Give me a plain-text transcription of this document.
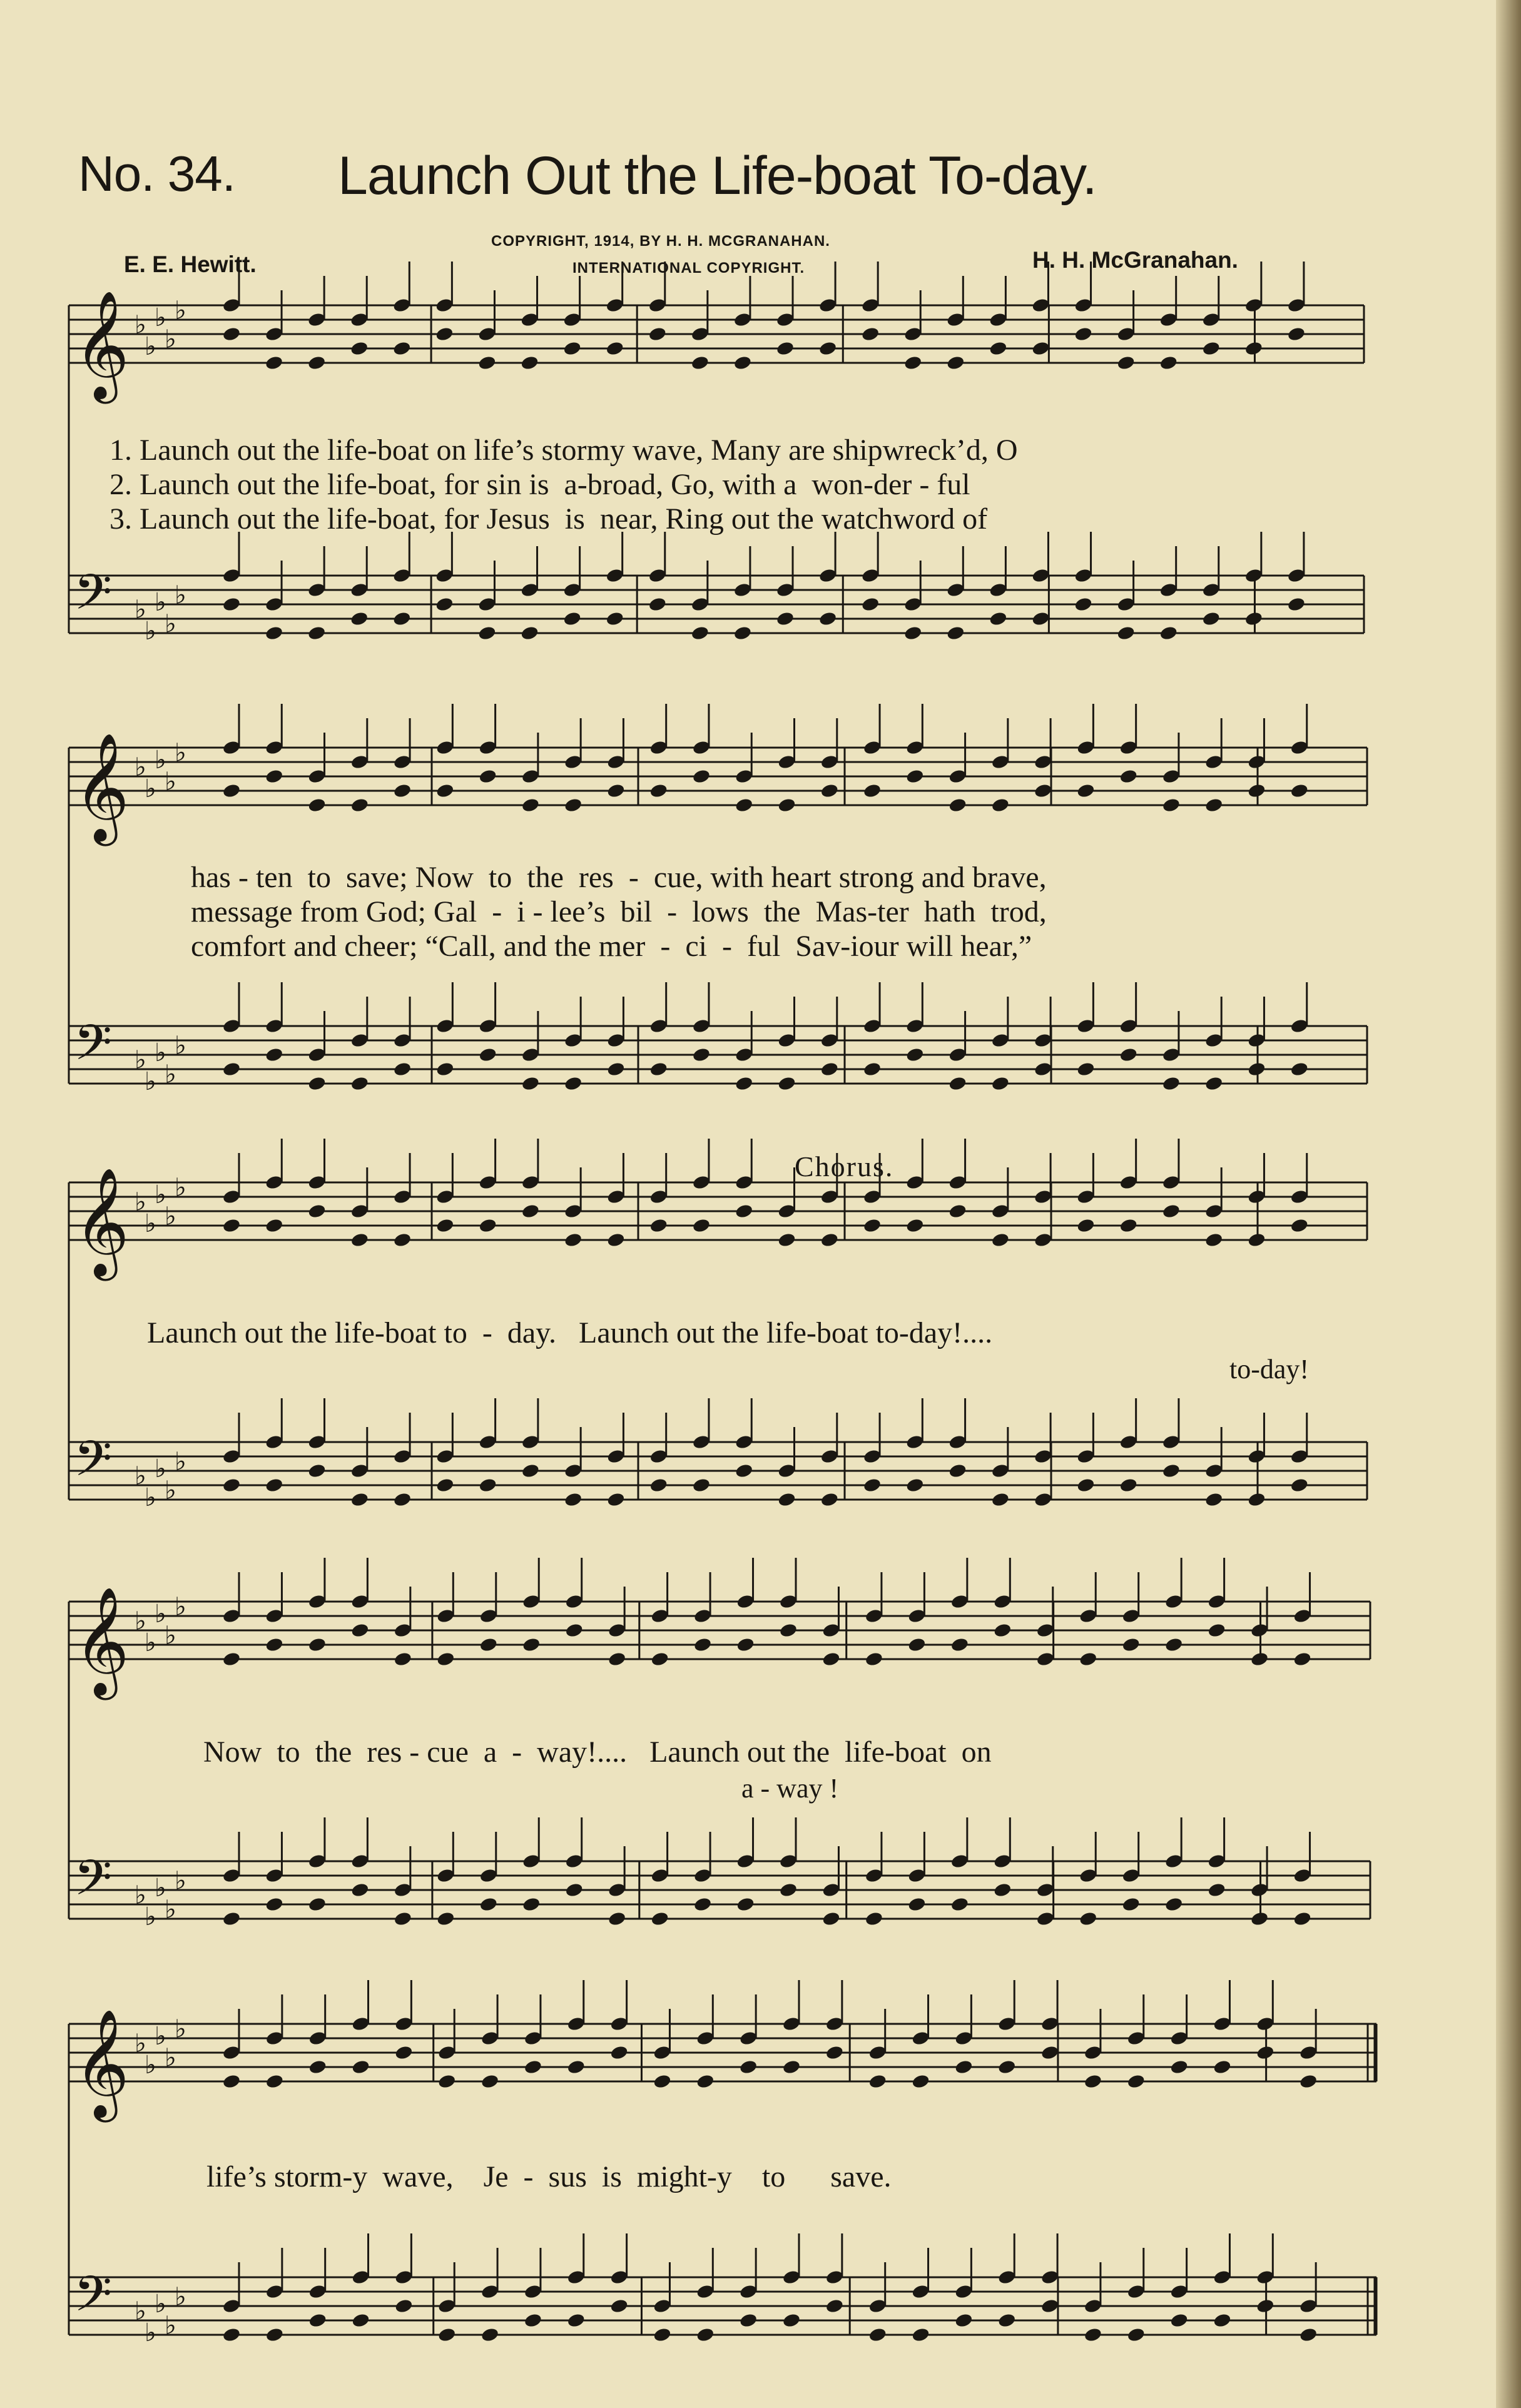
No. 34. Launch Out the Life-boat To-day.
COPYRIGHT, 1914, BY H. H. MCGRANAHAN.
INTERNATIONAL COPYRIGHT.
E. E. Hewitt.	H. H. McGranahan.
𝄞 ♭
♭
♭
♭
♭
𝄢 ♭
♭
♭
♭
♭
𝄞 ♭
♭
♭
♭
♭
𝄢 ♭
♭
♭
♭
♭
𝄞 ♭
♭
♭
♭
♭
𝄢 ♭
♭
♭
♭
♭
𝄞 ♭
♭
♭
♭
♭
𝄢 ♭
♭
♭
♭
♭
𝄞 ♭
♭
♭
♭
♭
𝄢 ♭
♭
♭
♭
♭
1. Launch out the life-boat on life’s stormy wave, Many are shipwreck’d, O
2. Launch out the life-boat, for sin is  a-broad, Go, with a  won-der - ful
3. Launch out the life-boat, for Jesus  is  near, Ring out the watchword of
has - ten  to  save; Now  to  the  res  -  cue, with heart strong and brave,
message from God; Gal  -  i - lee’s  bil  -  lows  the  Mas-ter  hath  trod,
comfort and cheer; “Call, and the mer  -  ci  -  ful  Sav-iour will hear,”
Chorus.
Launch out the life-boat to  -  day.   Launch out the life-boat to-day!....
to-day!
Now  to  the  res - cue  a  -  way!....   Launch out the  life-boat  on
a - way !
life’s storm-y  wave,    Je  -  sus  is  might-y    to      save.
